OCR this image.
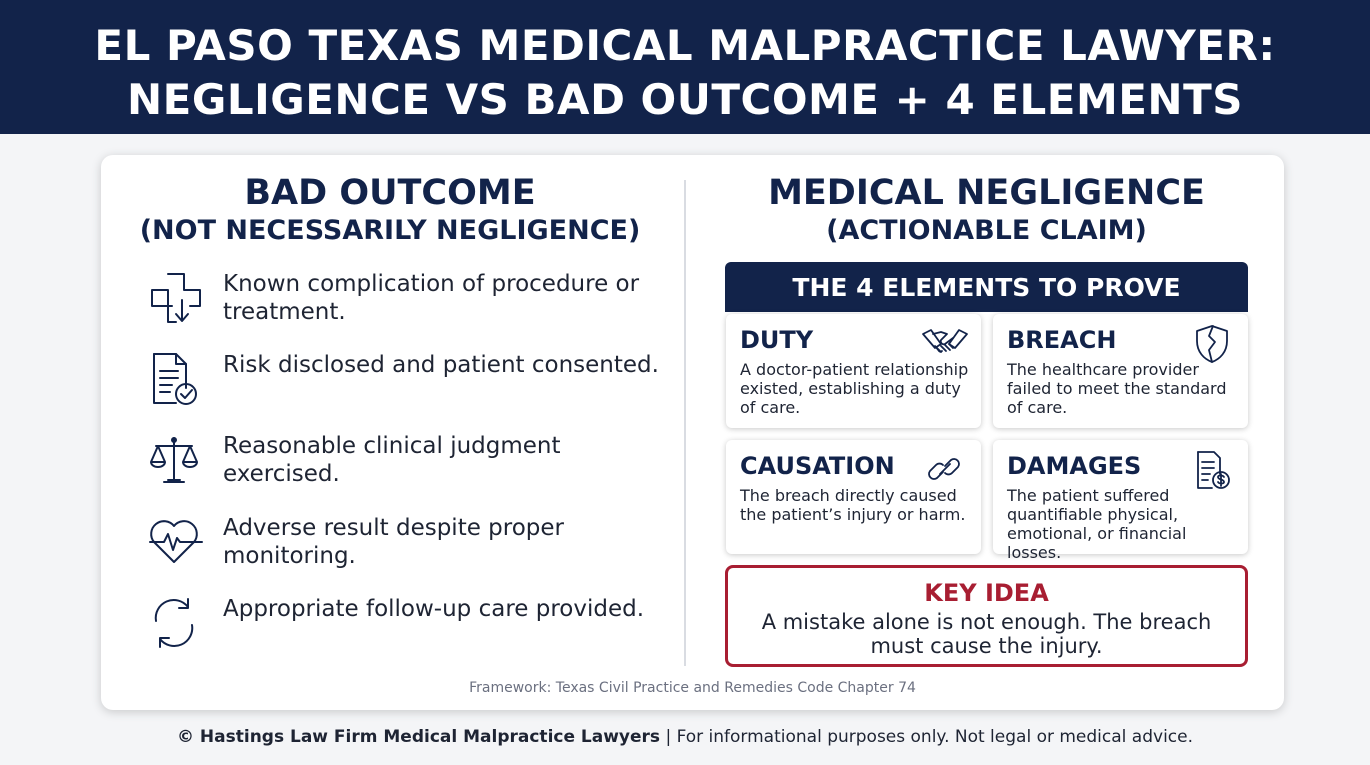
EL PASO TEXAS MEDICAL MALPRACTICE LAWYER:
NEGLIGENCE VS BAD OUTCOME + 4 ELEMENTS
BAD OUTCOME
(NOT NECESSARILY NEGLIGENCE)
Known complication of procedure or treatment.
Risk disclosed and patient consented.
Reasonable clinical judgment exercised.
Adverse result despite proper monitoring.
Appropriate follow-up care provided.
MEDICAL NEGLIGENCE
(ACTIONABLE CLAIM)
THE 4 ELEMENTS TO PROVE
DUTY
A doctor-patient relationship existed, establishing a duty of care.
BREACH
The healthcare provider failed to meet the standard of care.
CAUSATION
The breach directly caused the patient’s injury or harm.
DAMAGES
The patient suffered quantifiable physical, emotional, or financial losses.
KEY IDEA
A mistake alone is not enough. The breach must cause the injury.
Framework: Texas Civil Practice and Remedies Code Chapter 74
© Hastings Law Firm Medical Malpractice Lawyers | For informational purposes only. Not legal or medical advice.
